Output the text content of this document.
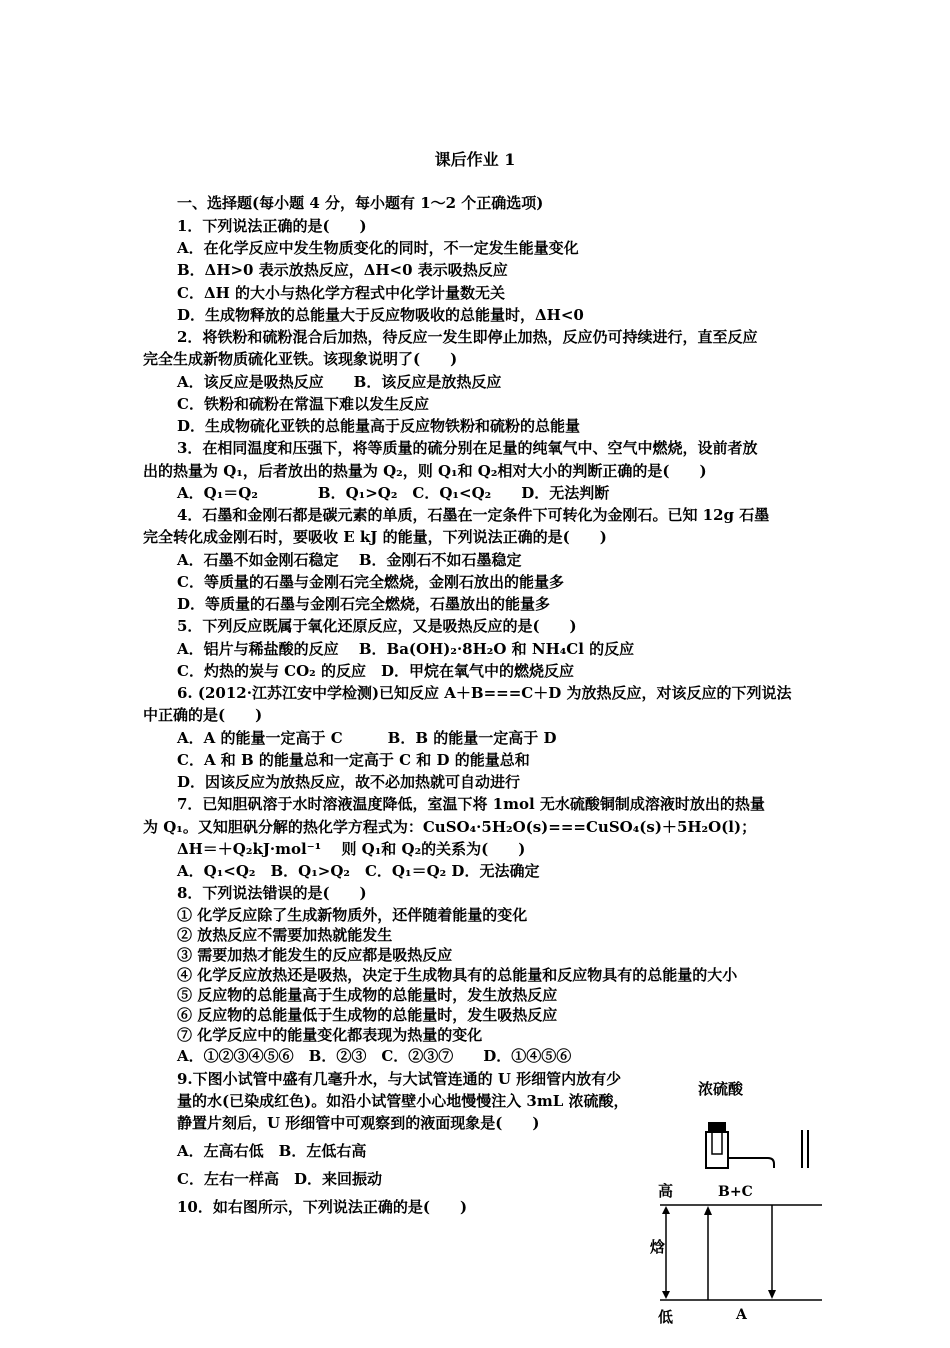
课后作业 1
一、选择题(每小题 4 分，每小题有 1～2 个正确选项)
1．下列说法正确的是(　　)
A．在化学反应中发生物质变化的同时，不一定发生能量变化
B．ΔH>0 表示放热反应，ΔH<0 表示吸热反应
C．ΔH 的大小与热化学方程式中化学计量数无关
D．生成物释放的总能量大于反应物吸收的总能量时，ΔH<0
2．将铁粉和硫粉混合后加热，待反应一发生即停止加热，反应仍可持续进行，直至反应
完全生成新物质硫化亚铁。该现象说明了(　　)
A．该反应是吸热反应　　B．该反应是放热反应
C．铁粉和硫粉在常温下难以发生反应
D．生成物硫化亚铁的总能量高于反应物铁粉和硫粉的总能量
3．在相同温度和压强下，将等质量的硫分别在足量的纯氧气中、空气中燃烧，设前者放
出的热量为 Q₁，后者放出的热量为 Q₂，则 Q₁和 Q₂相对大小的判断正确的是(　　)
A．Q₁＝Q₂　　　　B．Q₁>Q₂　C．Q₁<Q₂　　D．无法判断
4．石墨和金刚石都是碳元素的单质，石墨在一定条件下可转化为金刚石。已知 12g 石墨
完全转化成金刚石时，要吸收 E kJ 的能量，下列说法正确的是(　　)
A．石墨不如金刚石稳定　 B．金刚石不如石墨稳定
C．等质量的石墨与金刚石完全燃烧，金刚石放出的能量多
D．等质量的石墨与金刚石完全燃烧，石墨放出的能量多
5．下列反应既属于氧化还原反应，又是吸热反应的是(　　)
A．铝片与稀盐酸的反应　 B．Ba(OH)₂·8H₂O 和 NH₄Cl 的反应
C．灼热的炭与 CO₂ 的反应　D．甲烷在氧气中的燃烧反应
6. (2012·江苏江安中学检测)已知反应 A＋B===C＋D 为放热反应，对该反应的下列说法
中正确的是(　　)
A．A 的能量一定高于 C　　　B．B 的能量一定高于 D
C．A 和 B 的能量总和一定高于 C 和 D 的能量总和
D．因该反应为放热反应，故不必加热就可自动进行
7．已知胆矾溶于水时溶液温度降低，室温下将 1mol 无水硫酸铜制成溶液时放出的热量
为 Q₁。又知胆矾分解的热化学方程式为：CuSO₄·5H₂O(s)===CuSO₄(s)＋5H₂O(l)；
ΔH＝＋Q₂kJ·mol⁻¹　 则 Q₁和 Q₂的关系为(　　)
A．Q₁<Q₂　B．Q₁>Q₂　C．Q₁＝Q₂ D．无法确定
8．下列说法错误的是(　　)
① 化学反应除了生成新物质外，还伴随着能量的变化
② 放热反应不需要加热就能发生
③ 需要加热才能发生的反应都是吸热反应
④ 化学反应放热还是吸热，决定于生成物具有的总能量和反应物具有的总能量的大小
⑤ 反应物的总能量高于生成物的总能量时，发生放热反应
⑥ 反应物的总能量低于生成物的总能量时，发生吸热反应
⑦ 化学反应中的能量变化都表现为热量的变化
A．①②③④⑤⑥　B．②③　C．②③⑦　　D．①④⑤⑥
9.下图小试管中盛有几毫升水，与大试管连通的 U 形细管内放有少
量的水(已染成红色)。如沿小试管壁小心地慢慢注入 3mL 浓硫酸，
静置片刻后，U 形细管中可观察到的液面现象是(　　)
A．左高右低　B．左低右高
C．左右一样高　D．来回振动
10．如右图所示，下列说法正确的是(　　)
浓硫酸
高	B+C
焓
低	A
